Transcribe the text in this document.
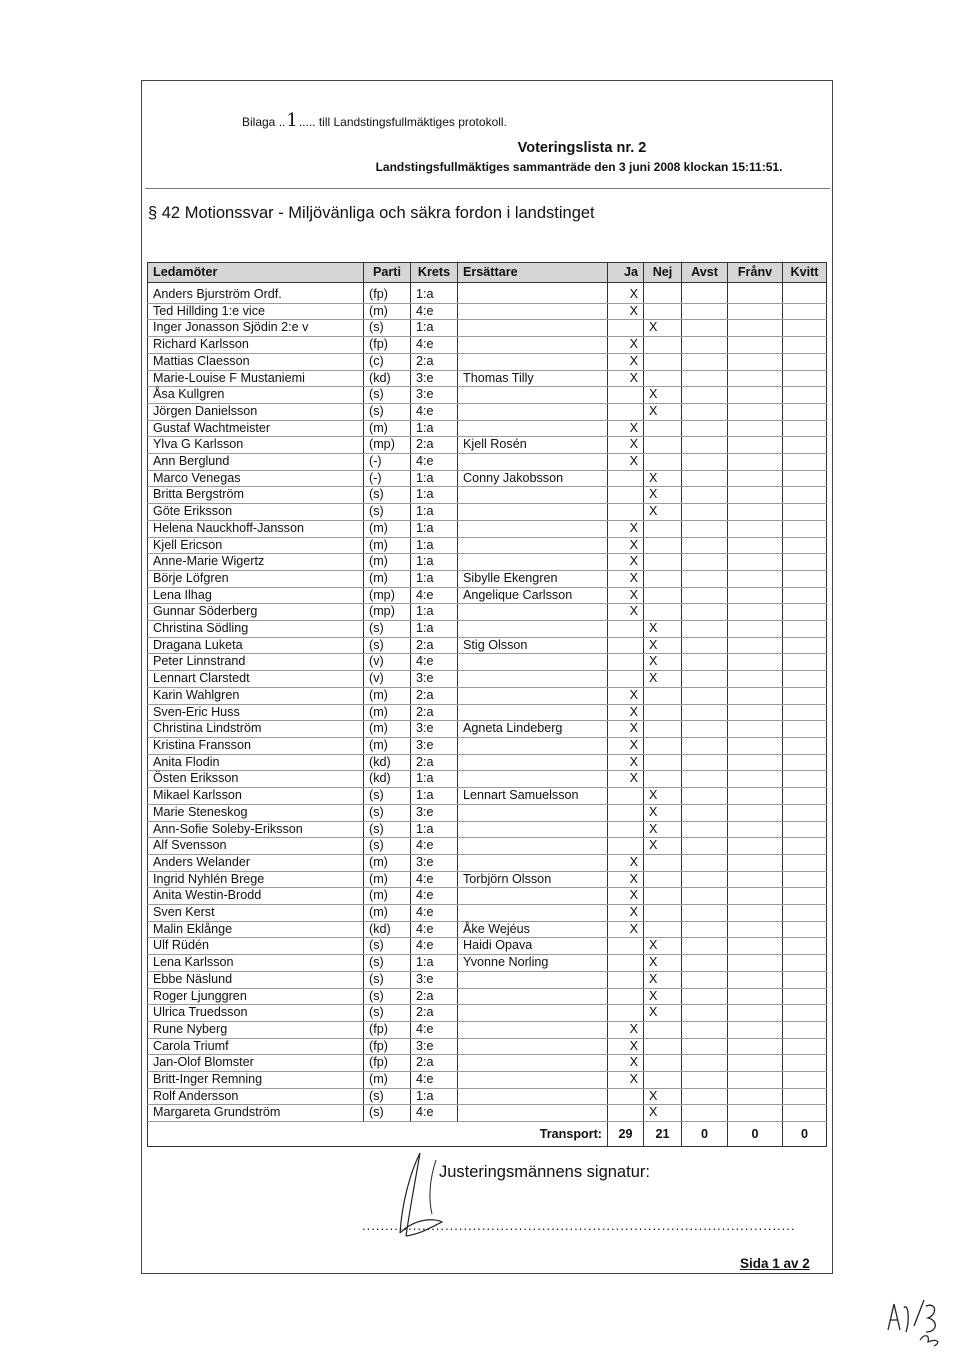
Bilaga ..1..... till Landstingsfullmäktiges protokoll.
Voteringslista nr. 2
Landstingsfullmäktiges sammanträde den 3 juni 2008 klockan 15:11:51.
§ 42 Motionssvar - Miljövänliga och säkra fordon i landstinget
Ledamöter	Parti	Krets	Ersättare	Ja	Nej	Avst	Frånv	Kvitt
Anders Bjurström Ordf.	(fp)	1:a		X				
Ted Hillding 1:e vice	(m)	4:e		X				
Inger Jonasson Sjödin 2:e v	(s)	1:a			X			
Richard Karlsson	(fp)	4:e		X				
Mattias Claesson	(c)	2:a		X				
Marie-Louise F Mustaniemi	(kd)	3:e	Thomas Tilly	X				
Åsa Kullgren	(s)	3:e			X			
Jörgen Danielsson	(s)	4:e			X			
Gustaf Wachtmeister	(m)	1:a		X				
Ylva G Karlsson	(mp)	2:a	Kjell Rosén	X				
Ann Berglund	(-)	4:e		X				
Marco Venegas	(-)	1:a	Conny Jakobsson		X			
Britta Bergström	(s)	1:a			X			
Göte Eriksson	(s)	1:a			X			
Helena Nauckhoff-Jansson	(m)	1:a		X				
Kjell Ericson	(m)	1:a		X				
Anne-Marie Wigertz	(m)	1:a		X				
Börje Löfgren	(m)	1:a	Sibylle Ekengren	X				
Lena Ilhag	(mp)	4:e	Angelique Carlsson	X				
Gunnar Söderberg	(mp)	1:a		X				
Christina Södling	(s)	1:a			X			
Dragana Luketa	(s)	2:a	Stig Olsson		X			
Peter Linnstrand	(v)	4:e			X			
Lennart Clarstedt	(v)	3:e			X			
Karin Wahlgren	(m)	2:a		X				
Sven-Eric Huss	(m)	2:a		X				
Christina Lindström	(m)	3:e	Agneta Lindeberg	X				
Kristina Fransson	(m)	3:e		X				
Anita Flodin	(kd)	2:a		X				
Östen Eriksson	(kd)	1:a		X				
Mikael Karlsson	(s)	1:a	Lennart Samuelsson		X			
Marie Steneskog	(s)	3:e			X			
Ann-Sofie Soleby-Eriksson	(s)	1:a			X			
Alf Svensson	(s)	4:e			X			
Anders Welander	(m)	3:e		X				
Ingrid Nyhlén Brege	(m)	4:e	Torbjörn Olsson	X				
Anita Westin-Brodd	(m)	4:e		X				
Sven Kerst	(m)	4:e		X				
Malin Eklånge	(kd)	4:e	Åke Wejéus	X				
Ulf Rüdén	(s)	4:e	Haidi Opava		X			
Lena Karlsson	(s)	1:a	Yvonne Norling		X			
Ebbe Näslund	(s)	3:e			X			
Roger Ljunggren	(s)	2:a			X			
Ulrica Truedsson	(s)	2:a			X			
Rune Nyberg	(fp)	4:e		X				
Carola Triumf	(fp)	3:e		X				
Jan-Olof Blomster	(fp)	2:a		X				
Britt-Inger Remning	(m)	4:e		X				
Rolf Andersson	(s)	1:a			X			
Margareta Grundström	(s)	4:e			X			
			Transport:	29	21	0	0	0
Justeringsmännens signatur:
..............................................................................................
Sida 1 av 2
